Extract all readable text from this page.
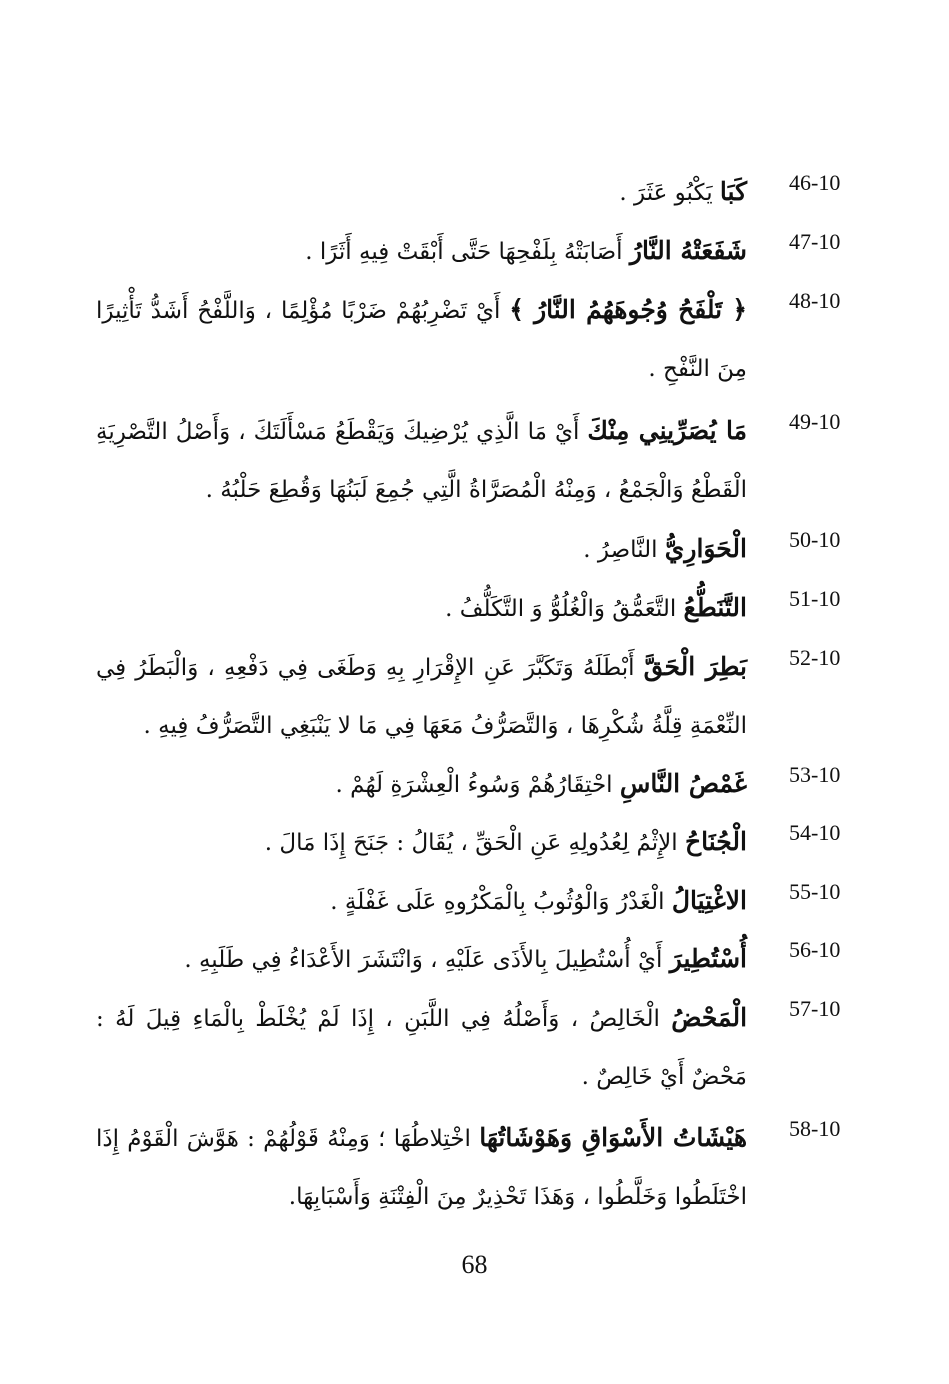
46-10
كَبَا يَكْبُو عَثَرَ .
47-10
شَفَعَتْهُ النَّارُ أَصَابَتْهُ بِلَفْحِهَا حَتَّى أَبْقَتْ فِيهِ أَثَرًا .
48-10
﴿ تَلْفَحُ وُجُوهَهُمُ النَّارُ ﴾ أَيْ تَضْرِبُهُمْ ضَرْبًا مُؤْلِمًا ، وَاللَّفْحُ أَشَدُّ تَأْثِيرًا مِنَ النَّفْحِ .
49-10
مَا يُصَرِّينِي مِنْكَ أَيْ مَا الَّذِي يُرْضِيكَ وَيَقْطَعُ مَسْأَلَتَكَ ، وَأَصْلُ التَّصْرِيَةِ الْقَطْعُ وَالْجَمْعُ ، وَمِنْهُ الْمُصَرَّاةُ الَّتِي جُمِعَ لَبَنُهَا وَقُطِعَ حَلْبُهُ .
50-10
الْحَوَارِيُّ النَّاصِرُ .
51-10
التَّنَطُّعُ التَّعَمُّقُ وَالْغُلُوُّ وَ التَّكَلُّفُ .
52-10
بَطِرَ الْحَقَّ أَبْطَلَهُ وَتَكَبَّرَ عَنِ الإِقْرَارِ بِهِ وَطَغَى فِي دَفْعِهِ ، وَالْبَطَرُ فِي النِّعْمَةِ قِلَّةُ شُكْرِهَا ، وَالتَّصَرُّفُ مَعَهَا فِي مَا لا يَنْبَغِي التَّصَرُّفُ فِيهِ .
53-10
غَمْصُ النَّاسِ احْتِقَارُهُمْ وَسُوءُ الْعِشْرَةِ لَهُمْ .
54-10
الْجُنَاحُ الإِثْمُ لِعُدُولِهِ عَنِ الْحَقِّ ، يُقَالُ : جَنَحَ إِذَا مَالَ .
55-10
الاغْتِيَالُ الْغَدْرُ وَالْوُثُوبُ بِالْمَكْرُوهِ عَلَى غَفْلَةٍ .
56-10
أُسْتُطِيرَ أَيْ أُسْتُطِيلَ بِالأَذَى عَلَيْهِ ، وَانْتَشَرَ الأَعْدَاءُ فِي طَلَبِهِ .
57-10
الْمَحْضُ الْخَالِصُ ، وَأَصْلُهُ فِي اللَّبَنِ ، إِذَا لَمْ يُخْلَطْ بِالْمَاءِ قِيلَ لَهُ : مَحْضٌ أَيْ خَالِصٌ .
58-10
هَيْشَاتُ الأَسْوَاقِ وَهَوْشَاتُهَا اخْتِلاطُهَا ؛ وَمِنْهُ قَوْلُهُمْ : هَوَّشَ الْقَوْمُ إِذَا اخْتَلَطُوا وَخَلَّطُوا ، وَهَذَا تَحْذِيرٌ مِنَ الْفِتْنَةِ وَأَسْبَابِهَا.
68
